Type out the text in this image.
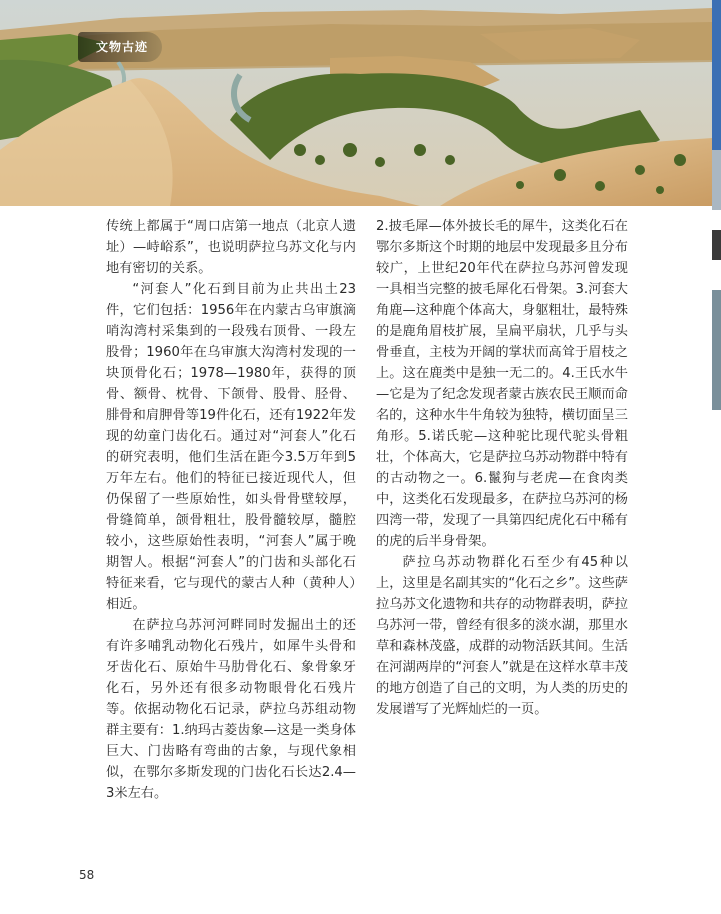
文物古迹

传统上都属于“周口店第一地点（北京人遗址）—峙峪系”，也说明萨拉乌苏文化与内地有密切的关系。

“河套人”化石到目前为止共出土23件，它们包括：1956年在内蒙古乌审旗滴哨沟湾村采集到的一段残右顶骨、一段左股骨；1960年在乌审旗大沟湾村发现的一块顶骨化石；1978—1980年，获得的顶骨、额骨、枕骨、下颌骨、股骨、胫骨、腓骨和肩胛骨等19件化石，还有1922年发现的幼童门齿化石。通过对“河套人”化石的研究表明，他们生活在距今3.5万年到5万年左右。他们的特征已接近现代人，但仍保留了一些原始性，如头骨骨壁较厚，骨缝简单，颌骨粗壮，股骨髓较厚，髓腔较小，这些原始性表明，“河套人”属于晚期智人。根据“河套人”的门齿和头部化石特征来看，它与现代的蒙古人种（黄种人）相近。

在萨拉乌苏河河畔同时发掘出土的还有许多哺乳动物化石残片，如犀牛头骨和牙齿化石、原始牛马肋骨化石、象骨象牙化石，另外还有很多动物眼骨化石残片等。依据动物化石记录，萨拉乌苏组动物群主要有：1.纳玛古菱齿象—这是一类身体巨大、门齿略有弯曲的古象，与现代象相似，在鄂尔多斯发现的门齿化石长达2.4—3米左右。

2.披毛犀—体外披长毛的犀牛，这类化石在鄂尔多斯这个时期的地层中发现最多且分布较广，上世纪20年代在萨拉乌苏河曾发现一具相当完整的披毛犀化石骨架。3.河套大角鹿—这种鹿个体高大，身躯粗壮，最特殊的是鹿角眉枝扩展，呈扁平扇状，几乎与头骨垂直，主枝为开阔的掌状而高耸于眉枝之上。这在鹿类中是独一无二的。4.王氏水牛—它是为了纪念发现者蒙古族农民王顺而命名的，这种水牛牛角较为独特，横切面呈三角形。5.诺氏驼—这种驼比现代驼头骨粗壮，个体高大，它是萨拉乌苏动物群中特有的古动物之一。6.鬣狗与老虎—在食肉类中，这类化石发现最多，在萨拉乌苏河的杨四湾一带，发现了一具第四纪虎化石中稀有的虎的后半身骨架。

萨拉乌苏动物群化石至少有45种以上，这里是名副其实的“化石之乡”。这些萨拉乌苏文化遗物和共存的动物群表明，萨拉乌苏河一带，曾经有很多的淡水湖，那里水草和森林茂盛，成群的动物活跃其间。生活在河湖两岸的“河套人”就是在这样水草丰茂的地方创造了自己的文明，为人类的历史的发展谱写了光辉灿烂的一页。

58
